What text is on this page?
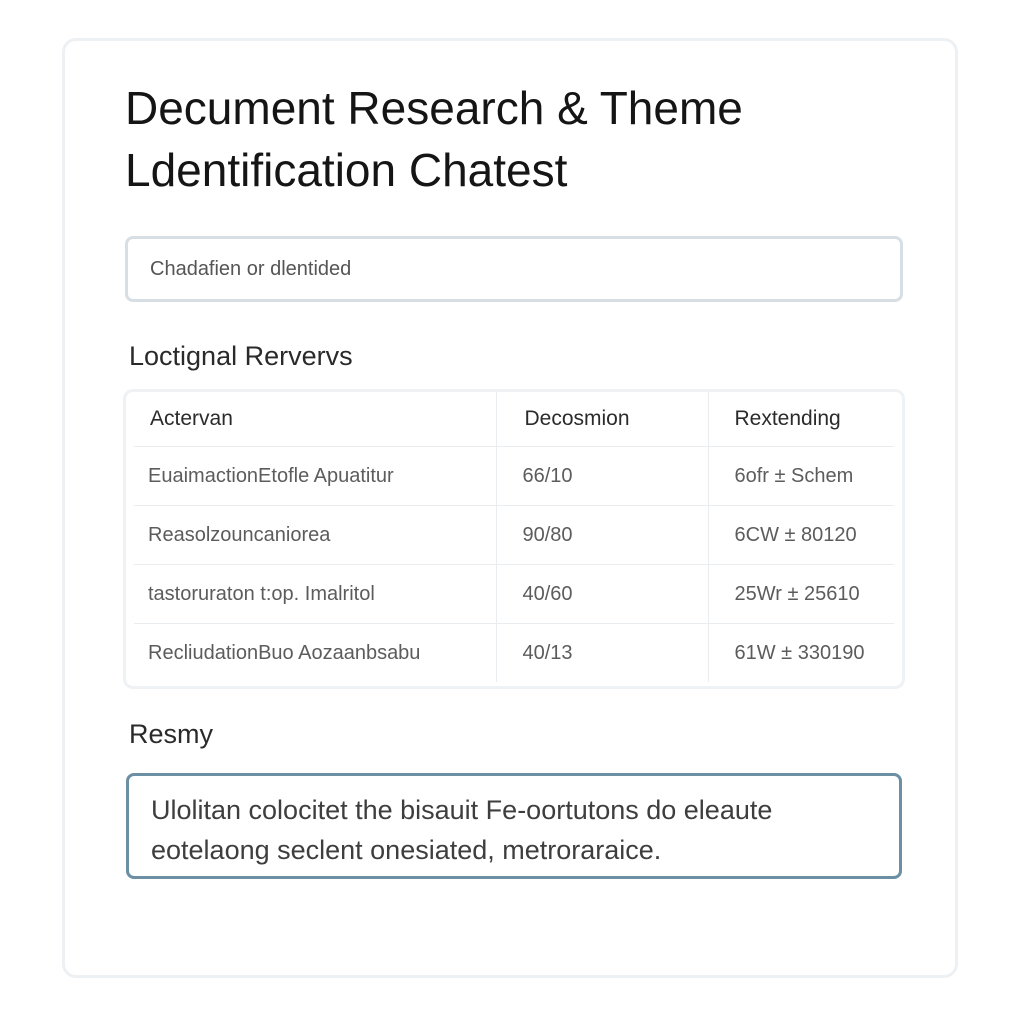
Decument Research & Theme Ldentification Chatest
Chadafien or dlentided
Loctignal Rervervs
Actervan	Decosmion	Rextending
EuaimactionEtofle Apuatitur	66/10	6ofr ± Schem
Reasolzouncaniorea	90/80	6CW ± 80120
tastoruraton t:op. Imalritol	40/60	25Wr ± 25610
RecliudationBuo Aozaanbsabu	40/13	61W ± 330190
Resmy
Ulolitan colocitet the bisauit Fe-oortutons do eleaute eotelaong seclent onesiated, metroraraice.
